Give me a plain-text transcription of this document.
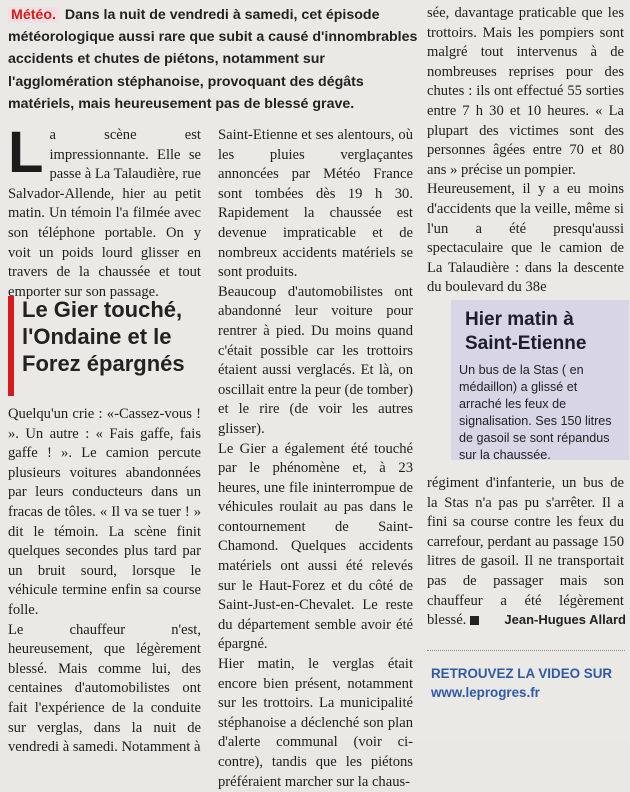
Météo. Dans la nuit de vendredi à samedi, cet épisode météorologique aussi rare que subit a causé d'innombrables accidents et chutes de piétons, notamment sur l'agglomération stéphanoise, provoquant des dégâts matériels, mais heureusement pas de blessé grave.
L a scène est impressionnante. Elle se passe à La Talaudière, rue Salvador-Allende, hier au petit matin. Un témoin l'a filmée avec son téléphone portable. On y voit un poids lourd glisser en travers de la chaussée et tout emporter sur son passage.

Le Gier touché, l'Ondaine et le Forez épargnés

Quelqu'un crie : «-Cassez-vous ! ». Un autre : « Fais gaffe, fais gaffe ! ». Le camion percute plusieurs voitures abandonnées par leurs conducteurs dans un fracas de tôles. « Il va se tuer ! » dit le témoin. La scène finit quelques secondes plus tard par un bruit sourd, lorsque le véhicule termine enfin sa course folle.

Le chauffeur n'est, heureusement, que légèrement blessé. Mais comme lui, des centaines d'automobilistes ont fait l'expérience de la conduite sur verglas, dans la nuit de vendredi à samedi. Notamment à

Saint-Etienne et ses alentours, où les pluies verglaçantes annoncées par Météo France sont tombées dès 19 h 30. Rapidement la chaussée est devenue impraticable et de nombreux accidents matériels se sont produits.

Beaucoup d'automobilistes ont abandonné leur voiture pour rentrer à pied. Du moins quand c'était possible car les trottoirs étaient aussi verglacés. Et là, on oscillait entre la peur (de tomber) et le rire (de voir les autres glisser).

Le Gier a également été touché par le phénomène et, à 23 heures, une file ininterrompue de véhicules roulait au pas dans le contournement de Saint-Chamond. Quelques accidents matériels ont aussi été relevés sur le Haut-Forez et du côté de Saint-Just-en-Chevalet. Le reste du département semble avoir été épargné.

Hier matin, le verglas était encore bien présent, notamment sur les trottoirs. La municipalité stéphanoise a déclenché son plan d'alerte communal (voir ci-contre), tandis que les piétons préféraient marcher sur la chaus-

sée, davantage praticable que les trottoirs. Mais les pompiers sont malgré tout intervenus à de nombreuses reprises pour des chutes : ils ont effectué 55 sorties entre 7 h 30 et 10 heures. « La plupart des victimes sont des personnes âgées entre 70 et 80 ans » précise un pompier.

Heureusement, il y a eu moins d'accidents que la veille, même si l'un a été presqu'aussi spectaculaire que le camion de La Talaudière : dans la descente du boulevard du 38e

Hier matin à Saint-Etienne
Un bus de la Stas ( en médaillon) a glissé et arraché les feux de signalisation. Ses 150 litres de gasoil se sont répandus sur la chaussée.

régiment d'infanterie, un bus de la Stas n'a pas pu s'arrêter. Il a fini sa course contre les feux du carrefour, perdant au passage 150 litres de gasoil. Il ne transportait pas de passager mais son chauffeur a été légèrement blessé.	Jean-Hugues Allard
RETROUVEZ LA VIDEO SUR
www.leprogres.fr
